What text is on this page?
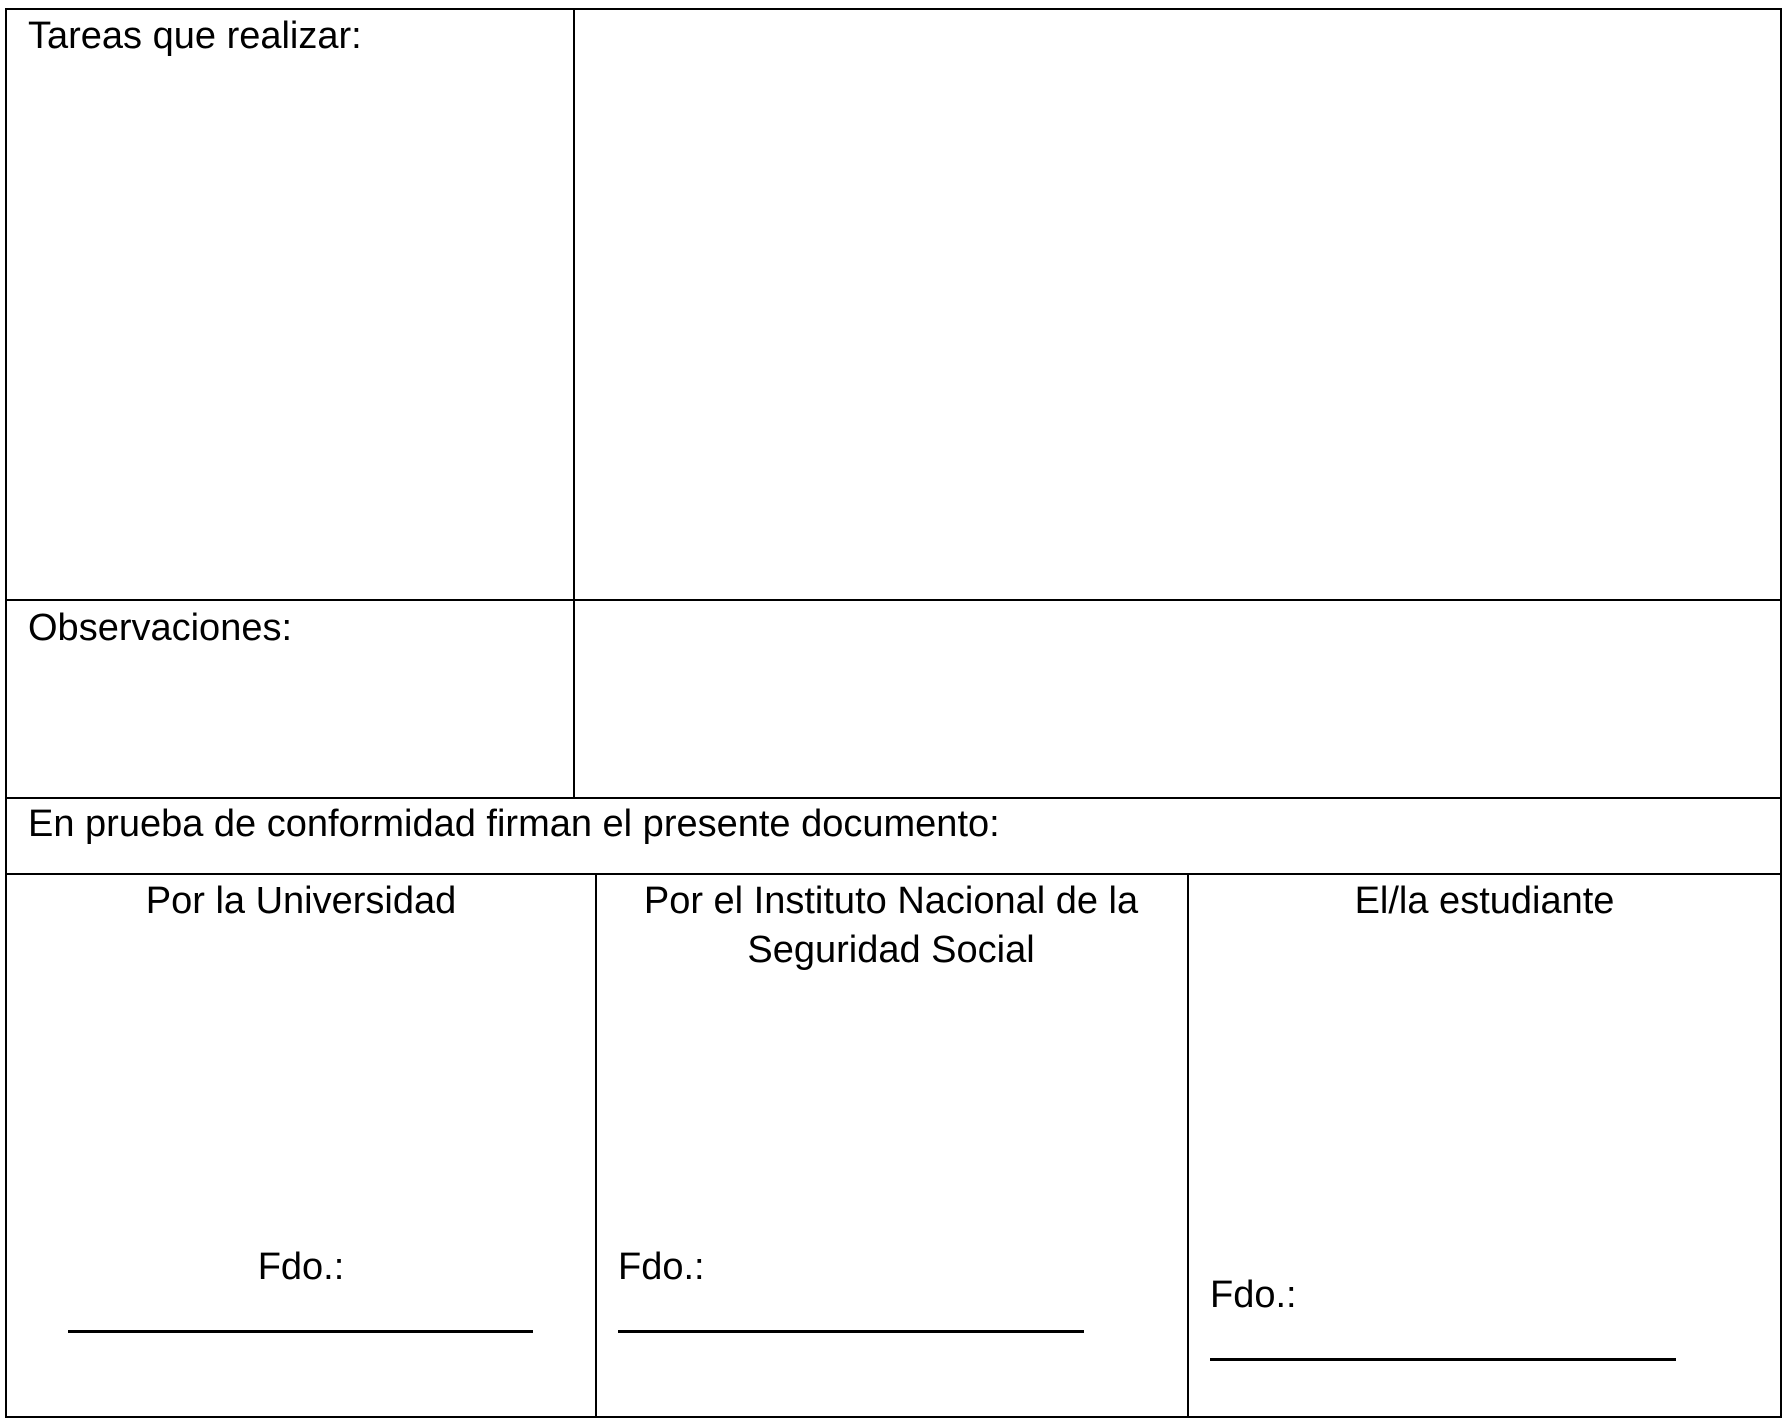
Tareas que realizar:
Observaciones:
En prueba de conformidad firman el presente documento:
Por la Universidad
Fdo.:
Por el Instituto Nacional de la Seguridad Social
Fdo.:
El/la estudiante
Fdo.:
